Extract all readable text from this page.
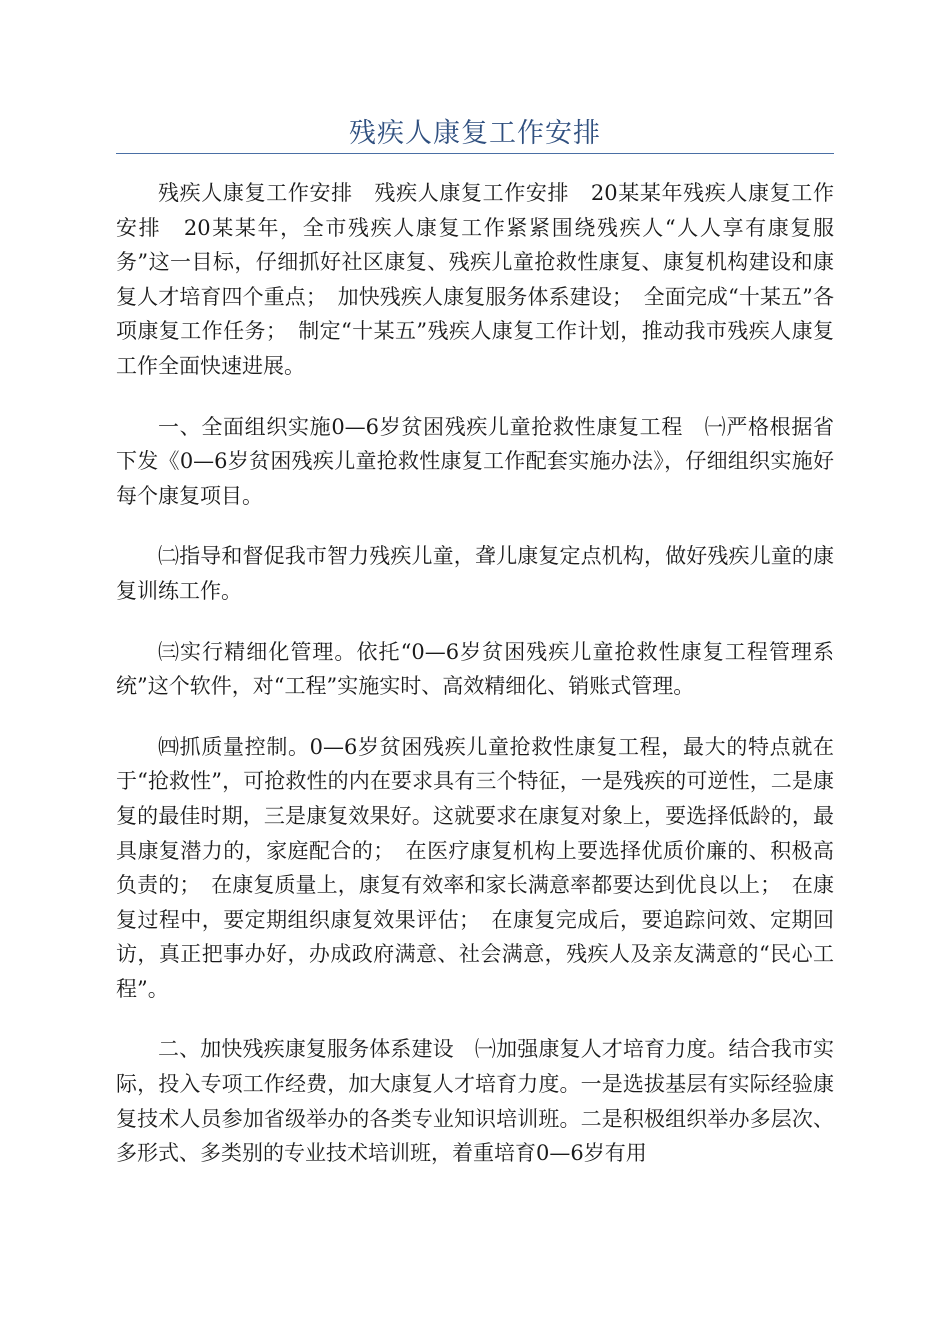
残疾人康复工作安排

残疾人康复工作安排　残疾人康复工作安排　20某某年残疾人康复工作安排　20某某年，全市残疾人康复工作紧紧围绕残疾人“人人享有康复服务”这一目标，仔细抓好社区康复、残疾儿童抢救性康复、康复机构建设和康复人才培育四个重点；　加快残疾人康复服务体系建设；　全面完成“十某五”各项康复工作任务；　制定“十某五”残疾人康复工作计划，推动我市残疾人康复工作全面快速进展。

一、全面组织实施0—6岁贫困残疾儿童抢救性康复工程　㈠严格根据省下发《0—6岁贫困残疾儿童抢救性康复工作配套实施办法》，仔细组织实施好每个康复项目。

㈡指导和督促我市智力残疾儿童，聋儿康复定点机构，做好残疾儿童的康复训练工作。

㈢实行精细化管理。依托“0—6岁贫困残疾儿童抢救性康复工程管理系统”这个软件，对“工程”实施实时、高效精细化、销账式管理。

㈣抓质量控制。0—6岁贫困残疾儿童抢救性康复工程，最大的特点就在于“抢救性”，可抢救性的内在要求具有三个特征，一是残疾的可逆性，二是康复的最佳时期，三是康复效果好。这就要求在康复对象上，要选择低龄的，最具康复潜力的，家庭配合的；　在医疗康复机构上要选择优质价廉的、积极高负责的；　在康复质量上，康复有效率和家长满意率都要达到优良以上；　在康复过程中，要定期组织康复效果评估；　在康复完成后，要追踪问效、定期回访，真正把事办好，办成政府满意、社会满意，残疾人及亲友满意的“民心工程”。

二、加快残疾康复服务体系建设　㈠加强康复人才培育力度。结合我市实际，投入专项工作经费，加大康复人才培育力度。一是选拔基层有实际经验康复技术人员参加省级举办的各类专业知识培训班。二是积极组织举办多层次、多形式、多类别的专业技术培训班，着重培育0—6岁有用
